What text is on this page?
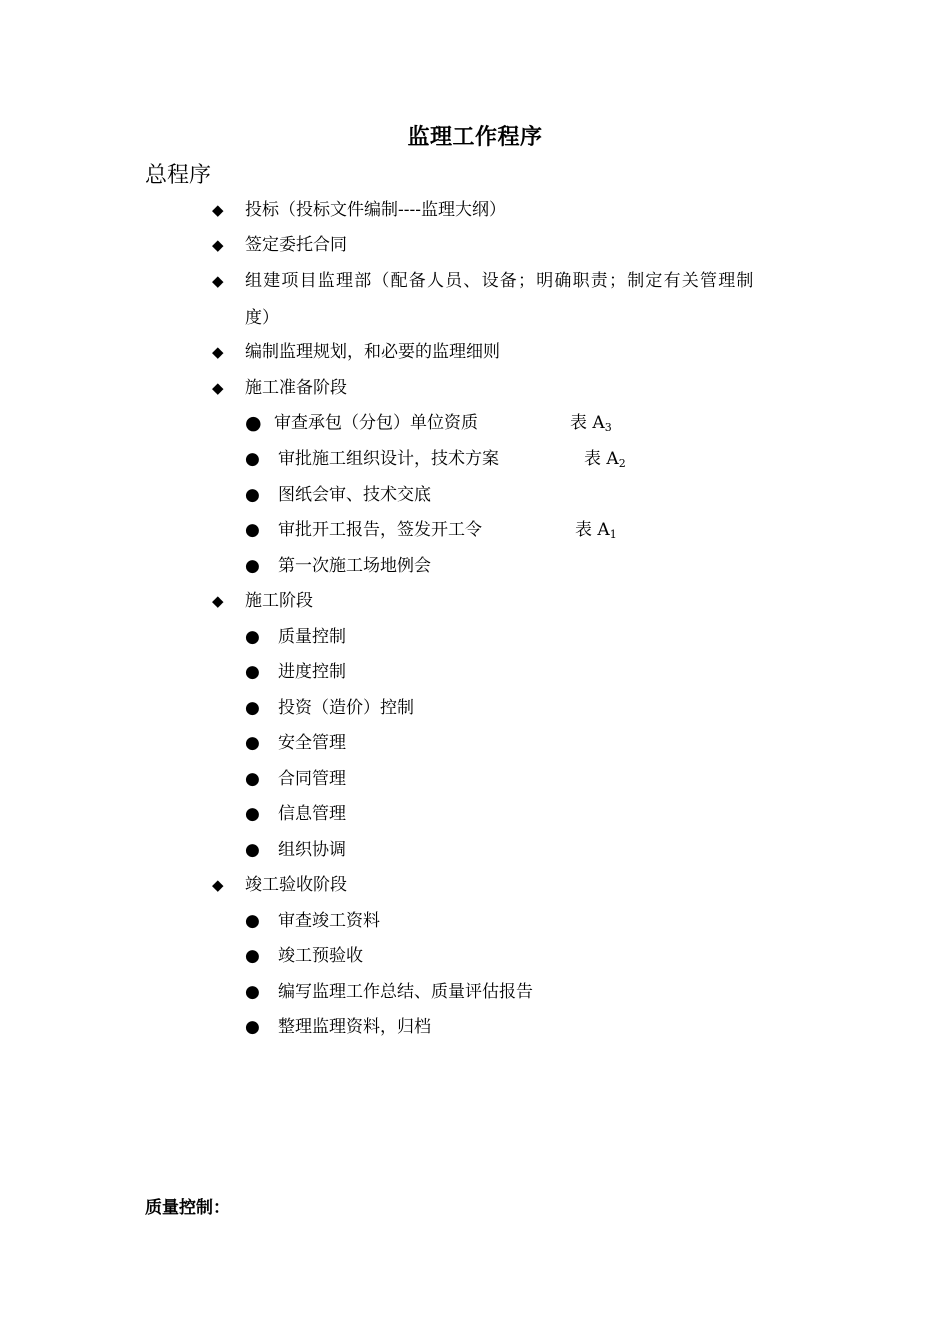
监理工作程序
总程序
◆ 投标（投标文件编制----监理大纲）
◆ 签定委托合同
◆ 组建项目监理部（配备人员、设备；明确职责；制定有关管理制
度）
◆ 编制监理规划，和必要的监理细则
◆ 施工准备阶段
● 审查承包（分包）单位资质	表 $A_3$
● 审批施工组织设计，技术方案	表 $A_2$
● 图纸会审、技术交底
● 审批开工报告，签发开工令	表 $A_1$
● 第一次施工场地例会
◆ 施工阶段
● 质量控制
● 进度控制
● 投资（造价）控制
● 安全管理
● 合同管理
● 信息管理
● 组织协调
◆ 竣工验收阶段
● 审查竣工资料
● 竣工预验收
● 编写监理工作总结、质量评估报告
● 整理监理资料，归档
质量控制：
